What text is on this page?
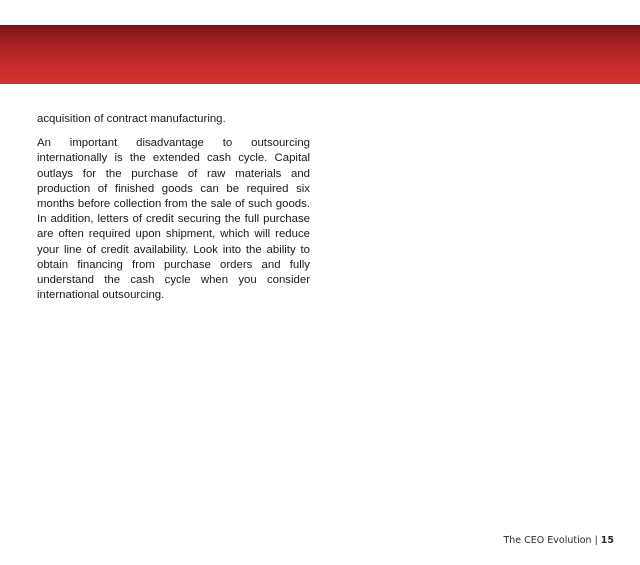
acquisition of contract manufacturing.

An important disadvantage to outsourcing internationally is the extended cash cycle. Capital outlays for the purchase of raw materials and production of finished goods can be required six months before collection from the sale of such goods. In addition, letters of credit securing the full purchase are often required upon shipment, which will reduce your line of credit availability. Look into the ability to obtain financing from purchase orders and fully understand the cash cycle when you consider international outsourcing.

The CEO Evolution | 15
